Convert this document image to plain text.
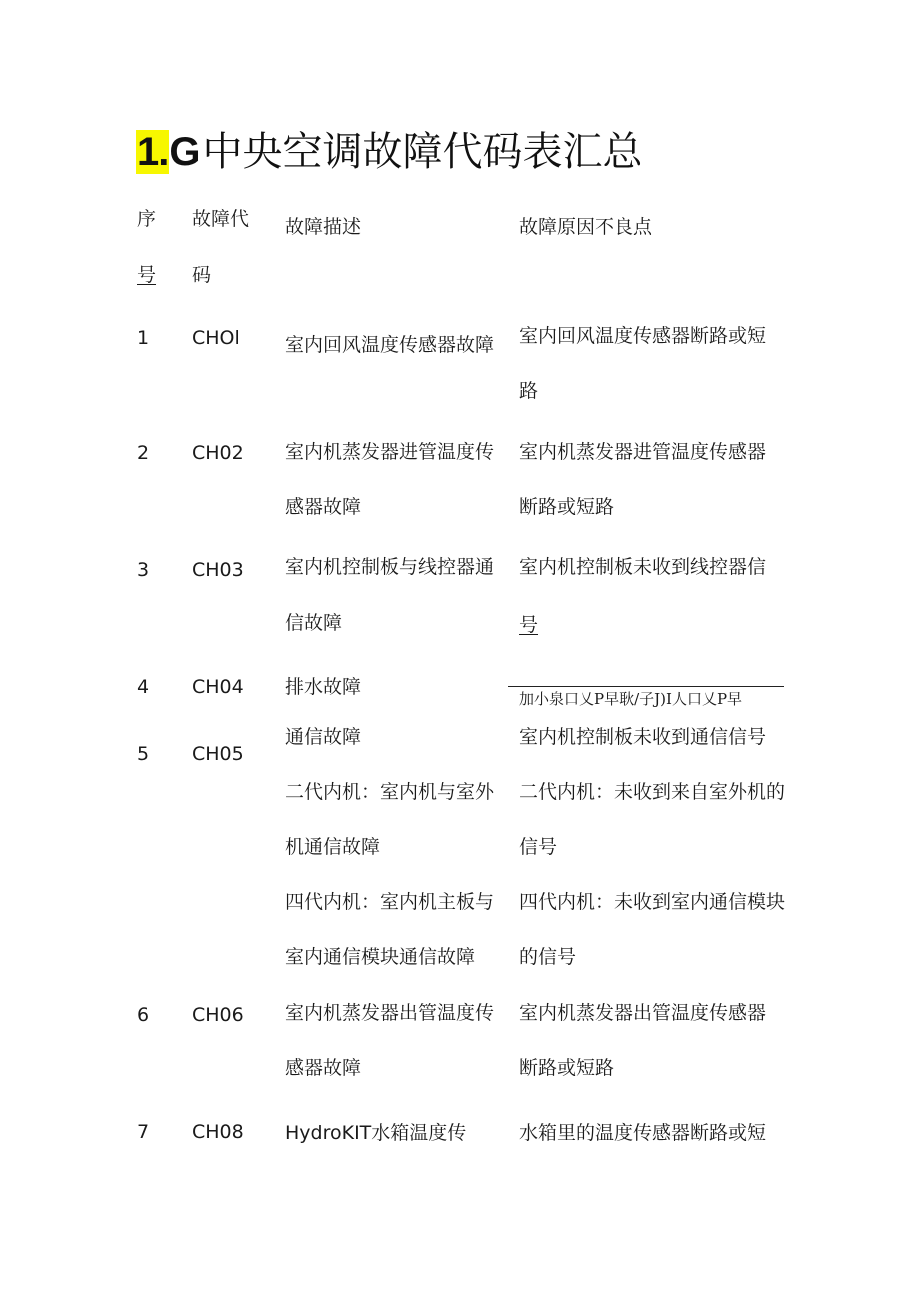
1.G中央空调故障代码表汇总
序
号
故障代
码
故障描述	故障原因不良点
1 CHOl 室内回风温度传感器故障 室内回风温度传感器断路或短
路
2 CH02 室内机蒸发器进管温度传
感器故障
室内机蒸发器进管温度传感器
断路或短路
3 CH03 室内机控制板与线控器通
信故障
室内机控制板未收到线控器信
号
4 CH04 排水故障
加小泉口乂P早耿/子J)I人口乂P早
5 CH05
通信故障
二代内机：室内机与室外
机通信故障
四代内机：室内机主板与
室内通信模块通信故障
室内机控制板未收到通信信号
二代内机：未收到来自室外机的
信号
四代内机：未收到室内通信模块
的信号
6 CH06 室内机蒸发器出管温度传
感器故障
室内机蒸发器出管温度传感器
断路或短路
7 CH08 HydroKIT水箱温度传	水箱里的温度传感器断路或短
